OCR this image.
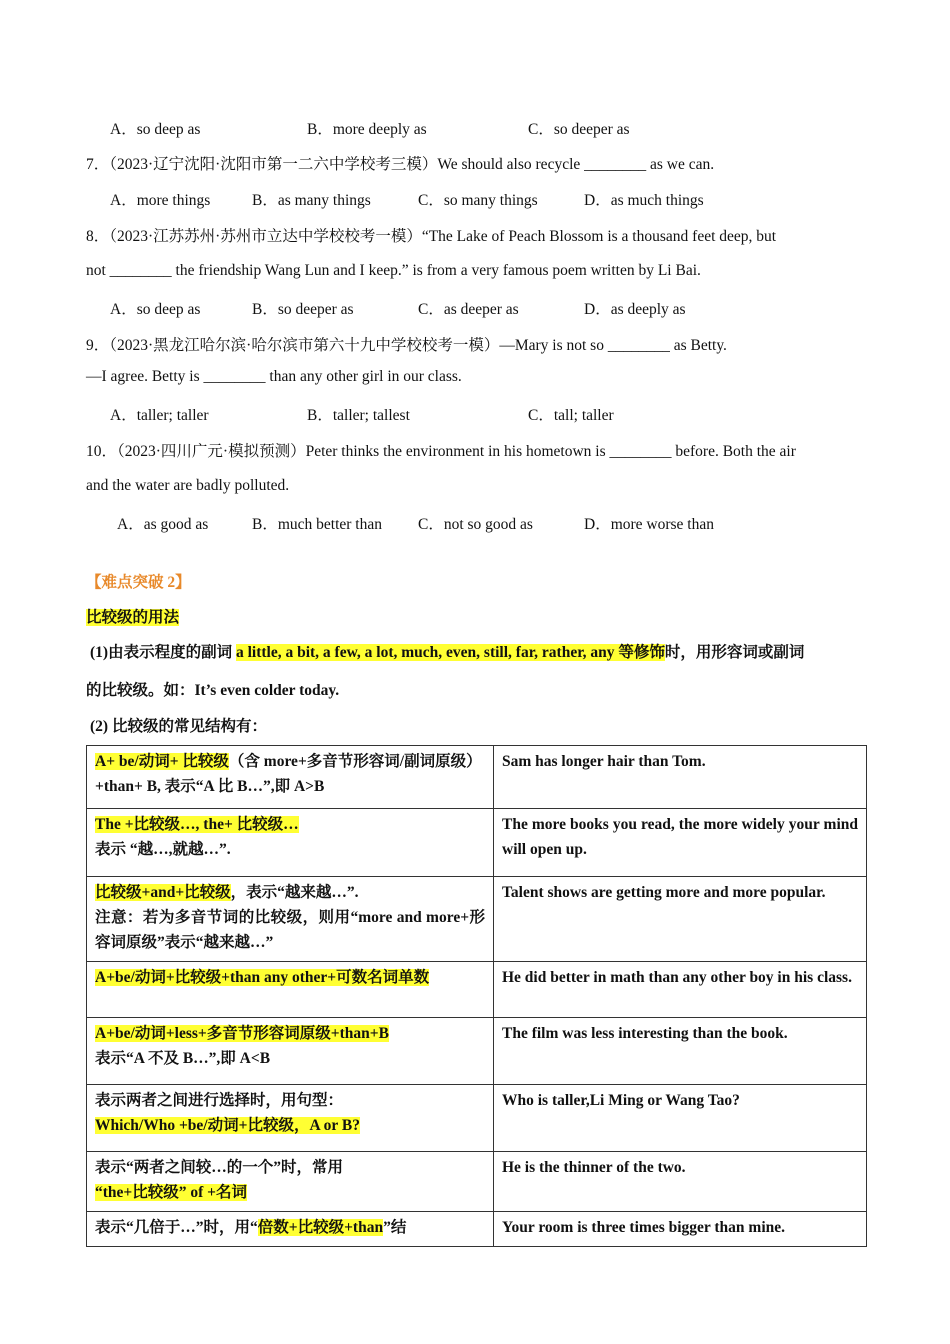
A．so deep as	B．more deeply as	C．so deeper as
7．（2023·辽宁沈阳·沈阳市第一二六中学校考三模）We should also recycle ________ as we can.
A．more things	B．as many things	C．so many things	D．as much things
8．（2023·江苏苏州·苏州市立达中学校校考一模）“The Lake of Peach Blossom is a thousand feet deep, but
not ________ the friendship Wang Lun and I keep.” is from a very famous poem written by Li Bai.
A．so deep as	B．so deeper as	C．as deeper as	D．as deeply as
9．（2023·黑龙江哈尔滨·哈尔滨市第六十九中学校校考一模）—Mary is not so ________ as Betty.
—I agree. Betty is ________ than any other girl in our class.
A．taller; taller	B．taller; tallest	C．tall; taller
10．（2023·四川广元·模拟预测）Peter thinks the environment in his hometown is ________ before. Both the air
and the water are badly polluted.
A．as good as	B．much better than C．not so good as	D．more worse than
【难点突破 2】
比较级的用法
(1)由表示程度的副词 a little, a bit, a few, a lot, much, even, still, far, rather, any 等修饰时，用形容词或副词
的比较级。如：It’s even colder today.
(2) 比较级的常见结构有：
A+ be/动词+ 比较级（含 more+多音节形容词/副词原级）+than+ B, 表示“A 比 B…”,即 A>B	Sam has longer hair than Tom.
The +比较级…, the+ 比较级…
表示 “越…,就越…”.	The more books you read, the more widely your mind will open up.
比较级+and+比较级，表示“越来越…”.
注意：若为多音节词的比较级，则用“more and more+形容词原级”表示“越来越…”	Talent shows are getting more and more popular.
A+be/动词+比较级+than any other+可数名词单数	He did better in math than any other boy in his class.
A+be/动词+less+多音节形容词原级+than+B
表示“A 不及 B…”,即 A<B	The film was less interesting than the book.
表示两者之间进行选择时，用句型：
Which/Who +be/动词+比较级，A or B?	Who is taller,Li Ming or Wang Tao?
表示“两者之间较…的一个”时，常用
“the+比较级” of +名词	He is the thinner of the two.
表示“几倍于…”时，用“倍数+比较级+than”结	Your room is three times bigger than mine.
